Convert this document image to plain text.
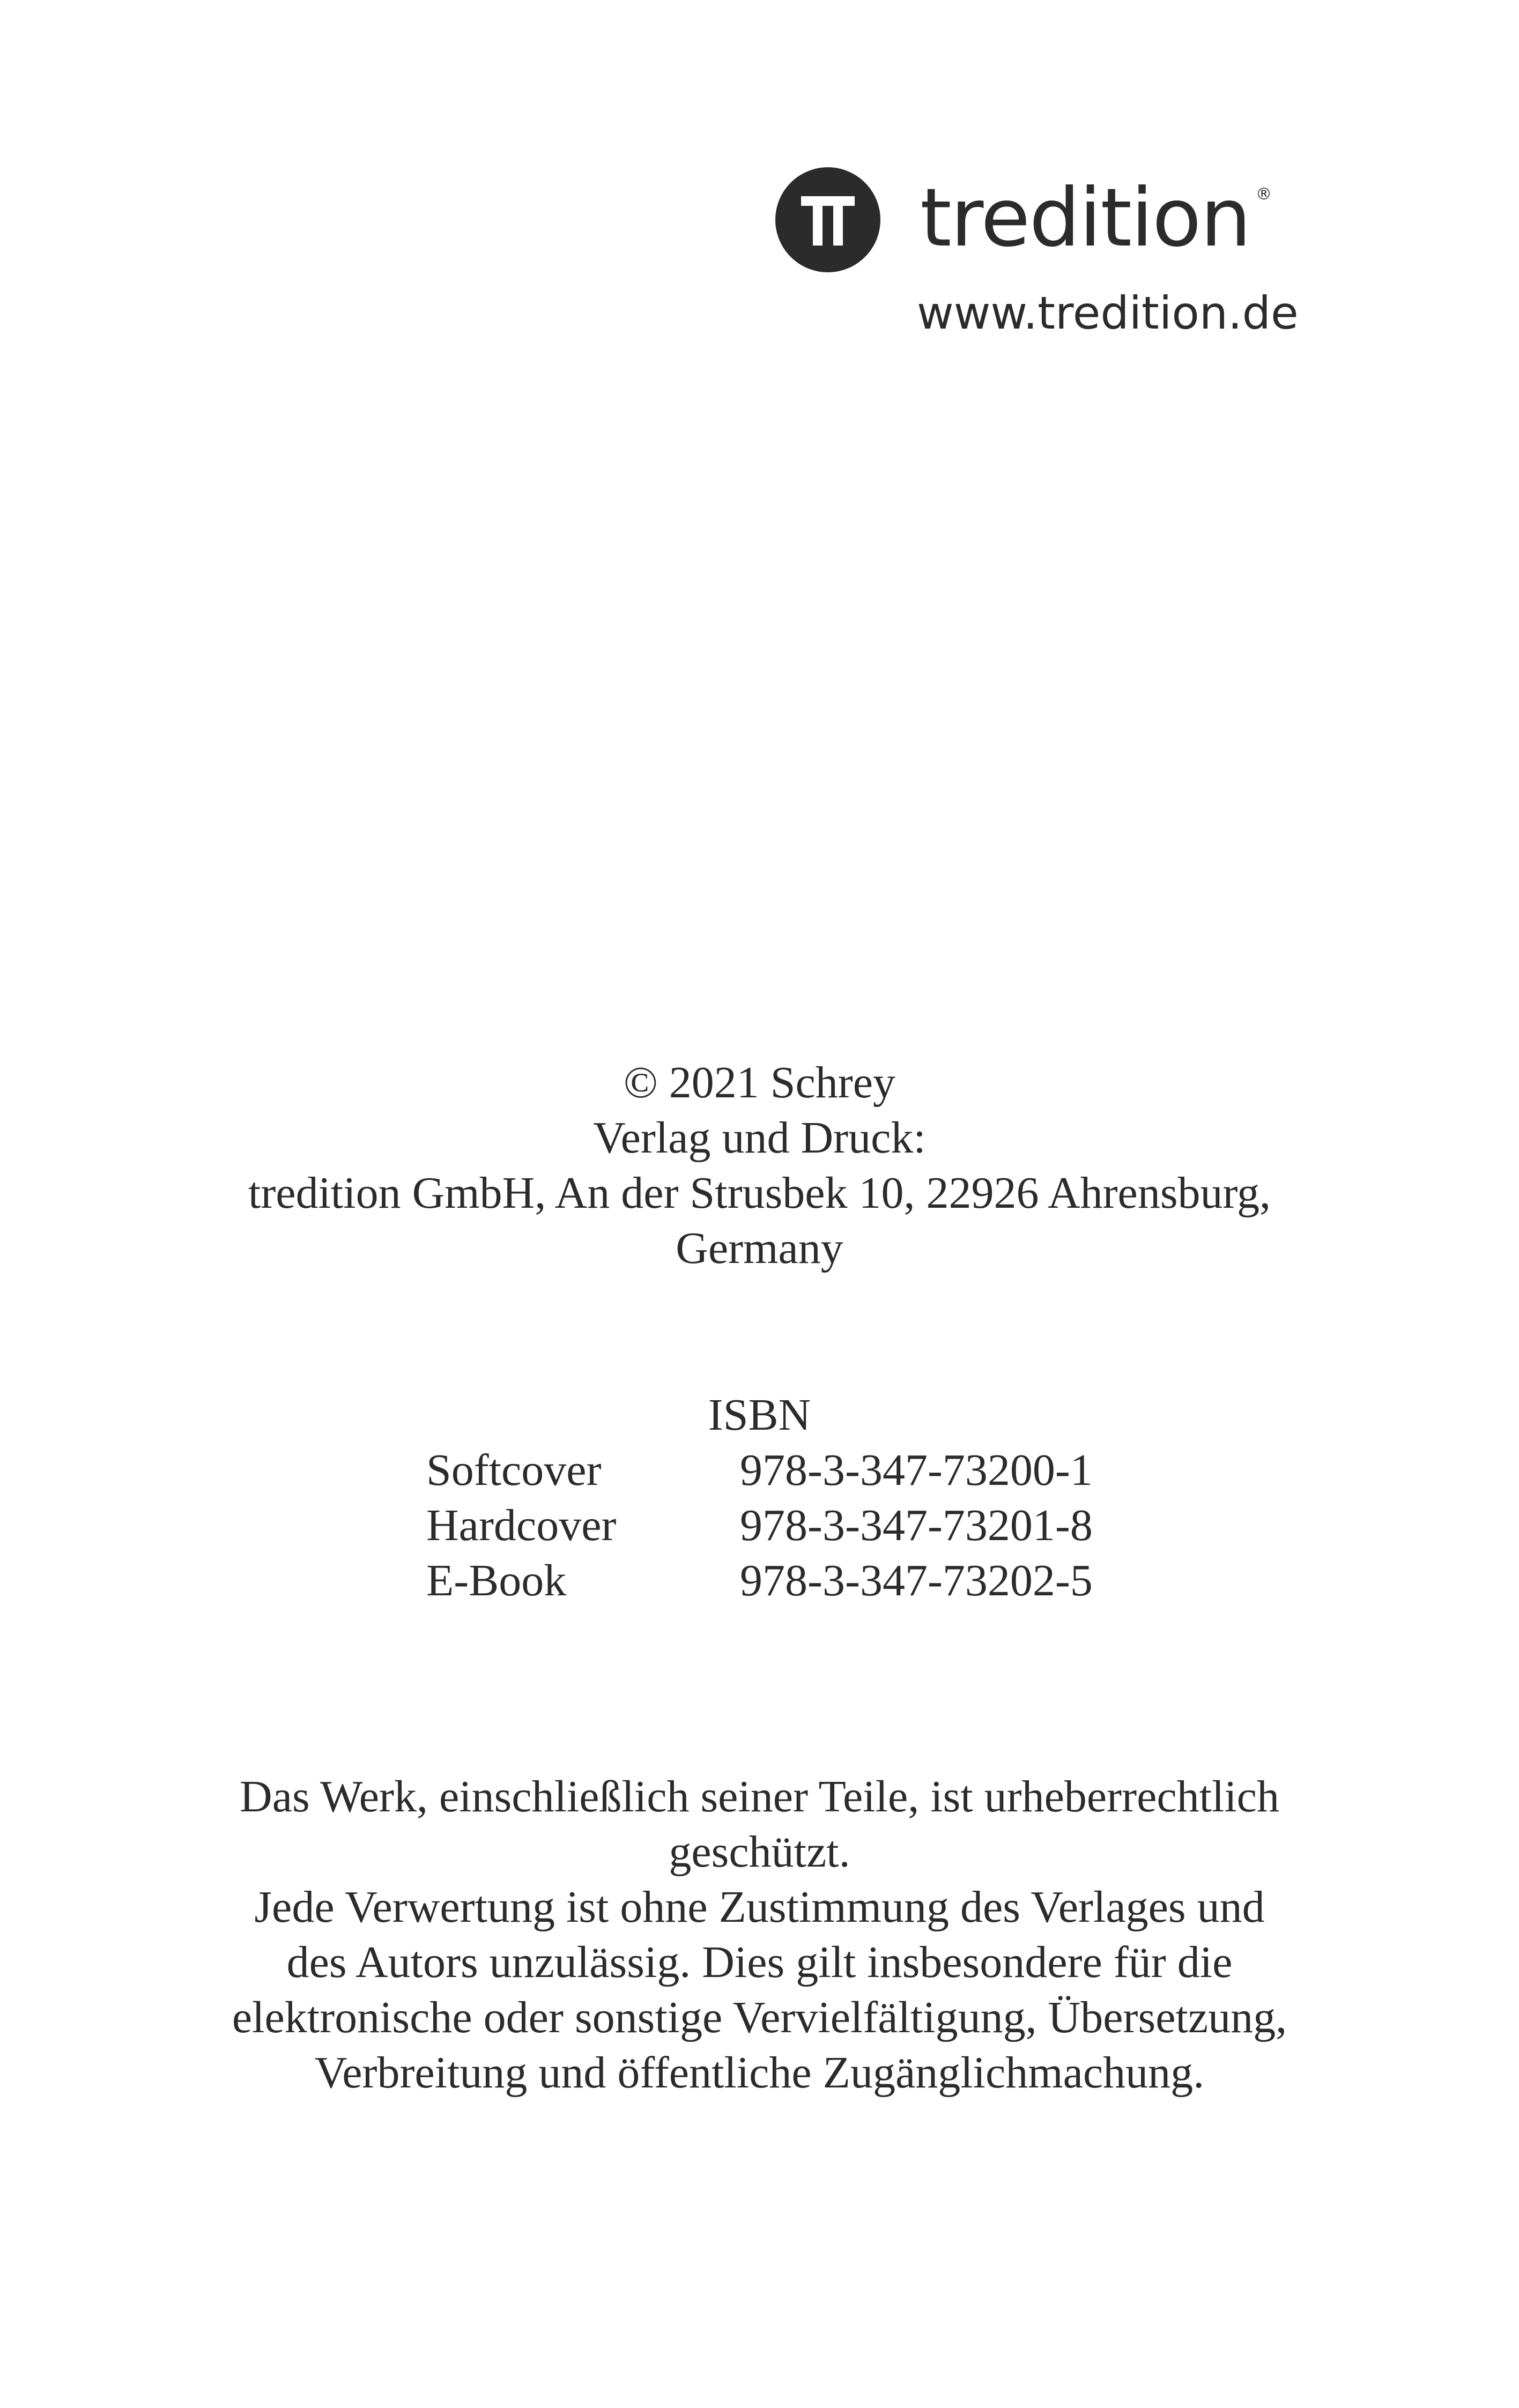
tredition ®
www.tredition.de

© 2021 Schrey

Verlag und Druck:

tredition GmbH, An der Strusbek 10, 22926 Ahrensburg,

Germany

ISBN
Softcover	978-3-347-73200-1
Hardcover	978-3-347-73201-8
E-Book	978-3-347-73202-5

Das Werk, einschließlich seiner Teile, ist urheberrechtlich

geschützt.

Jede Verwertung ist ohne Zustimmung des Verlages und

des Autors unzulässig. Dies gilt insbesondere für die

elektronische oder sonstige Vervielfältigung, Übersetzung,

Verbreitung und öffentliche Zugänglichmachung.
